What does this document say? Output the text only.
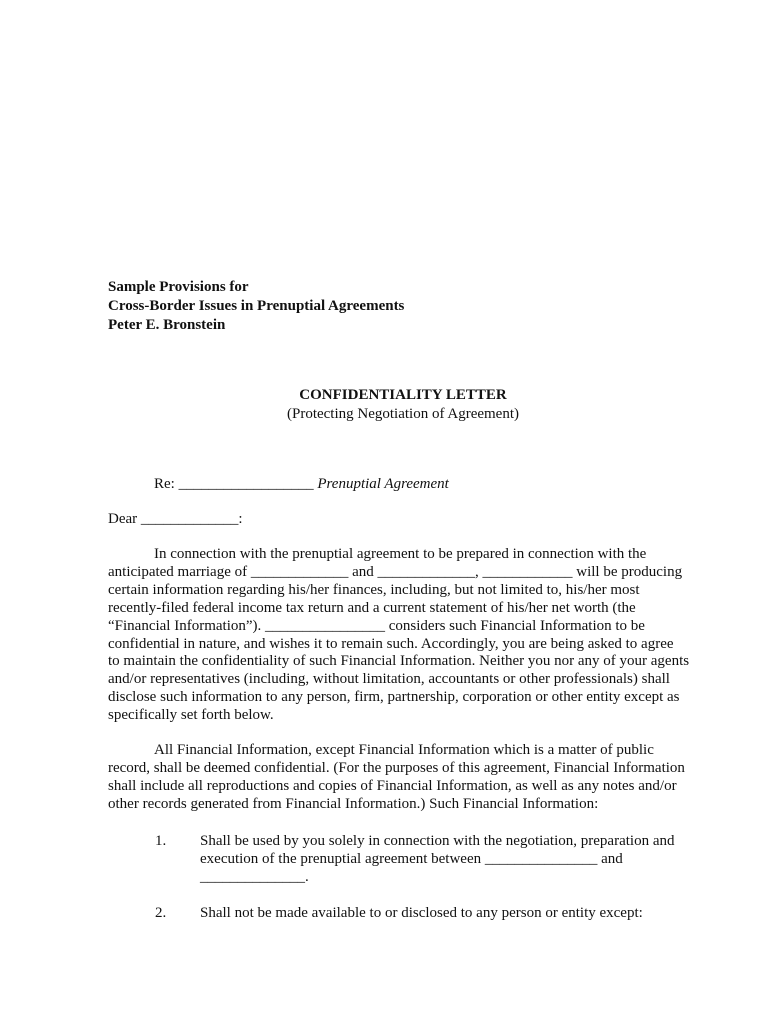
Sample Provisions for
Cross-Border Issues in Prenuptial Agreements
Peter E. Bronstein
CONFIDENTIALITY LETTER
(Protecting Negotiation of Agreement)
Re: __________________ Prenuptial Agreement
Dear _____________:
In connection with the prenuptial agreement to be prepared in connection with the
anticipated marriage of _____________ and _____________, ____________ will be producing
certain information regarding his/her finances, including, but not limited to, his/her most
recently-filed federal income tax return and a current statement of his/her net worth (the
“Financial Information”). ________________ considers such Financial Information to be
confidential in nature, and wishes it to remain such. Accordingly, you are being asked to agree
to maintain the confidentiality of such Financial Information. Neither you nor any of your agents
and/or representatives (including, without limitation, accountants or other professionals) shall
disclose such information to any person, firm, partnership, corporation or other entity except as
specifically set forth below.
All Financial Information, except Financial Information which is a matter of public
record, shall be deemed confidential. (For the purposes of this agreement, Financial Information
shall include all reproductions and copies of Financial Information, as well as any notes and/or
other records generated from Financial Information.) Such Financial Information:
1. Shall be used by you solely in connection with the negotiation, preparation and
execution of the prenuptial agreement between _______________ and
______________.
2. Shall not be made available to or disclosed to any person or entity except:
